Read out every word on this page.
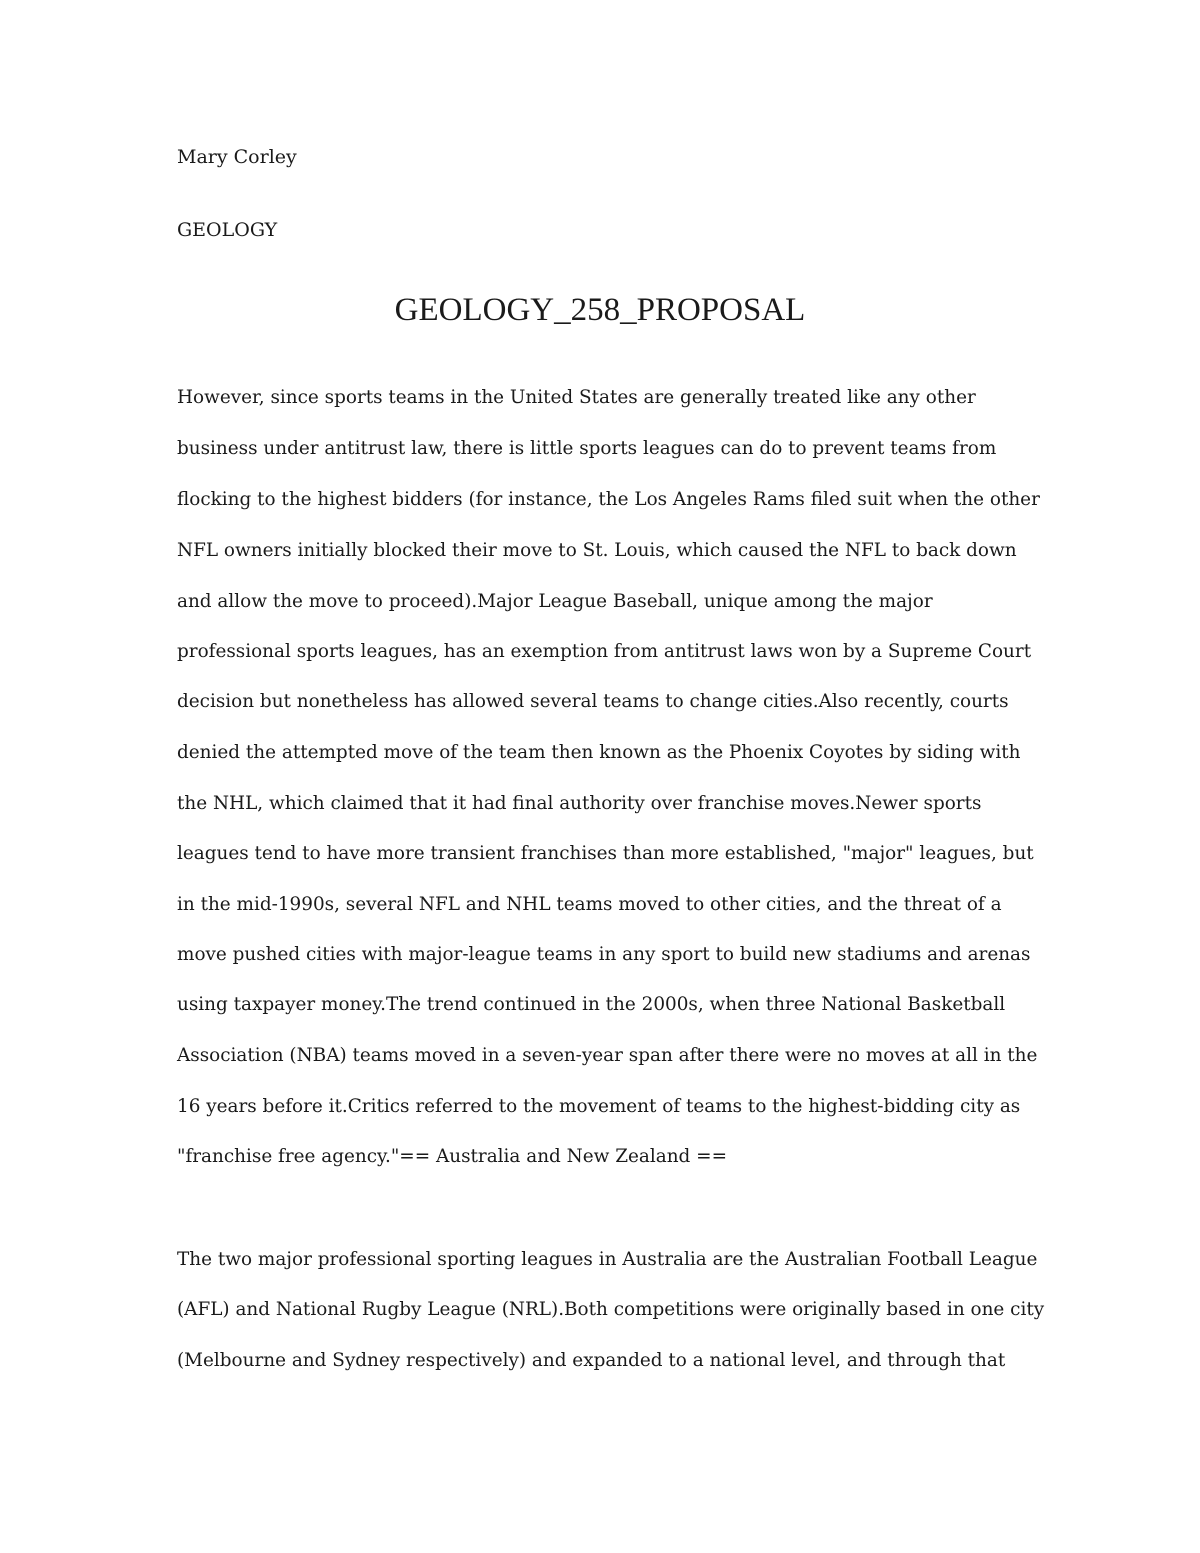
Mary Corley
GEOLOGY
GEOLOGY_258_PROPOSAL
However, since sports teams in the United States are generally treated like any other
business under antitrust law, there is little sports leagues can do to prevent teams from
flocking to the highest bidders (for instance, the Los Angeles Rams filed suit when the other
NFL owners initially blocked their move to St. Louis, which caused the NFL to back down
and allow the move to proceed).Major League Baseball, unique among the major
professional sports leagues, has an exemption from antitrust laws won by a Supreme Court
decision but nonetheless has allowed several teams to change cities.Also recently, courts
denied the attempted move of the team then known as the Phoenix Coyotes by siding with
the NHL, which claimed that it had final authority over franchise moves.Newer sports
leagues tend to have more transient franchises than more established, "major" leagues, but
in the mid-1990s, several NFL and NHL teams moved to other cities, and the threat of a
move pushed cities with major-league teams in any sport to build new stadiums and arenas
using taxpayer money.The trend continued in the 2000s, when three National Basketball
Association (NBA) teams moved in a seven-year span after there were no moves at all in the
16 years before it.Critics referred to the movement of teams to the highest-bidding city as
"franchise free agency."== Australia and New Zealand ==
The two major professional sporting leagues in Australia are the Australian Football League
(AFL) and National Rugby League (NRL).Both competitions were originally based in one city
(Melbourne and Sydney respectively) and expanded to a national level, and through that
